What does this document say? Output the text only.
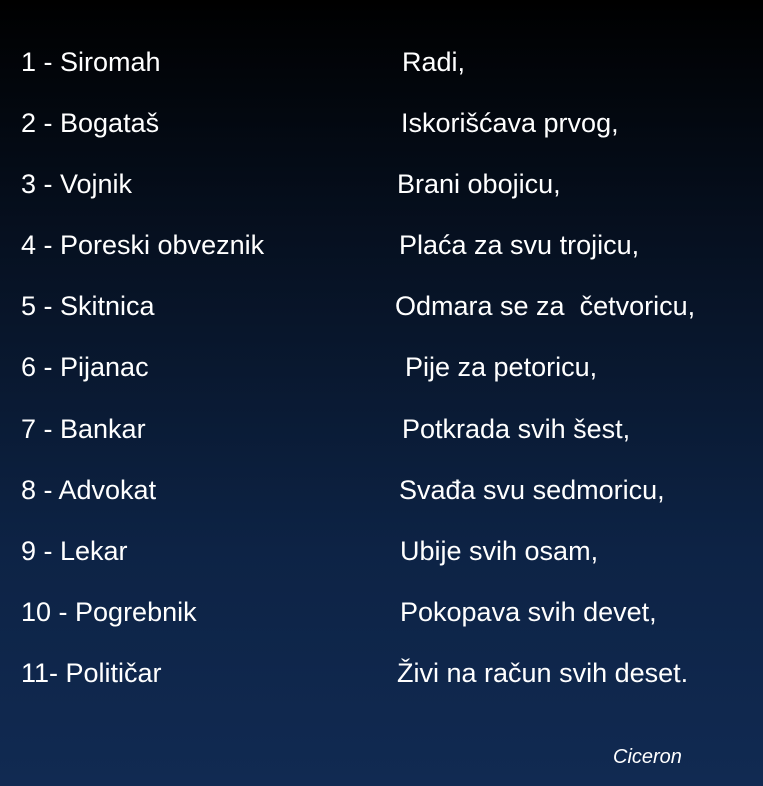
1 - Siromah	Radi,
2 - Bogataš	Iskorišćava prvog,
3 - Vojnik	Brani obojicu,
4 - Poreski obveznik	Plaća za svu trojicu,
5 - Skitnica	Odmara se za  četvoricu,
6 - Pijanac	Pije za petoricu,
7 - Bankar	Potkrada svih šest,
8 - Advokat	Svađa svu sedmoricu,
9 - Lekar	Ubije svih osam,
10 - Pogrebnik	Pokopava svih devet,
11- Političar	Živi na račun svih deset.
Ciceron
